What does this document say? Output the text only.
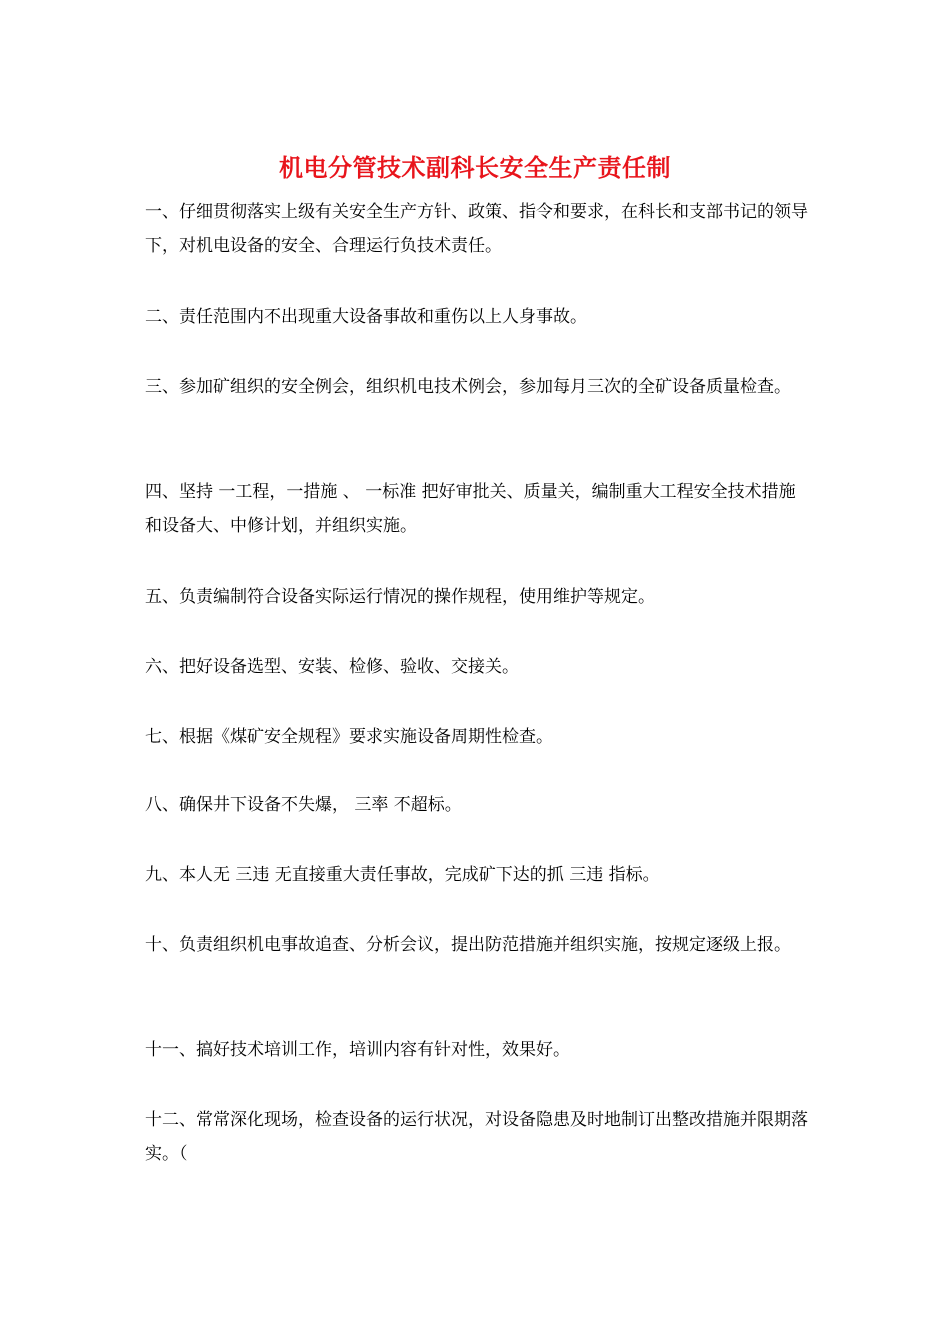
机电分管技术副科长安全生产责任制

一、仔细贯彻落实上级有关安全生产方针、政策、指令和要求，在科长和支部书记的领导下，对机电设备的安全、合理运行负技术责任。

二、责任范围内不出现重大设备事故和重伤以上人身事故。

三、参加矿组织的安全例会，组织机电技术例会，参加每月三次的全矿设备质量检查。

四、坚持 一工程，一措施 、 一标准 把好审批关、质量关，编制重大工程安全技术措施和设备大、中修计划，并组织实施。

五、负责编制符合设备实际运行情况的操作规程，使用维护等规定。

六、把好设备选型、安装、检修、验收、交接关。

七、根据《煤矿安全规程》要求实施设备周期性检查。

八、确保井下设备不失爆， 三率 不超标。

九、本人无 三违 无直接重大责任事故，完成矿下达的抓 三违 指标。

十、负责组织机电事故追查、分析会议，提出防范措施并组织实施，按规定逐级上报。

十一、搞好技术培训工作，培训内容有针对性，效果好。

十二、常常深化现场，检查设备的运行状况，对设备隐患及时地制订出整改措施并限期落实。（
